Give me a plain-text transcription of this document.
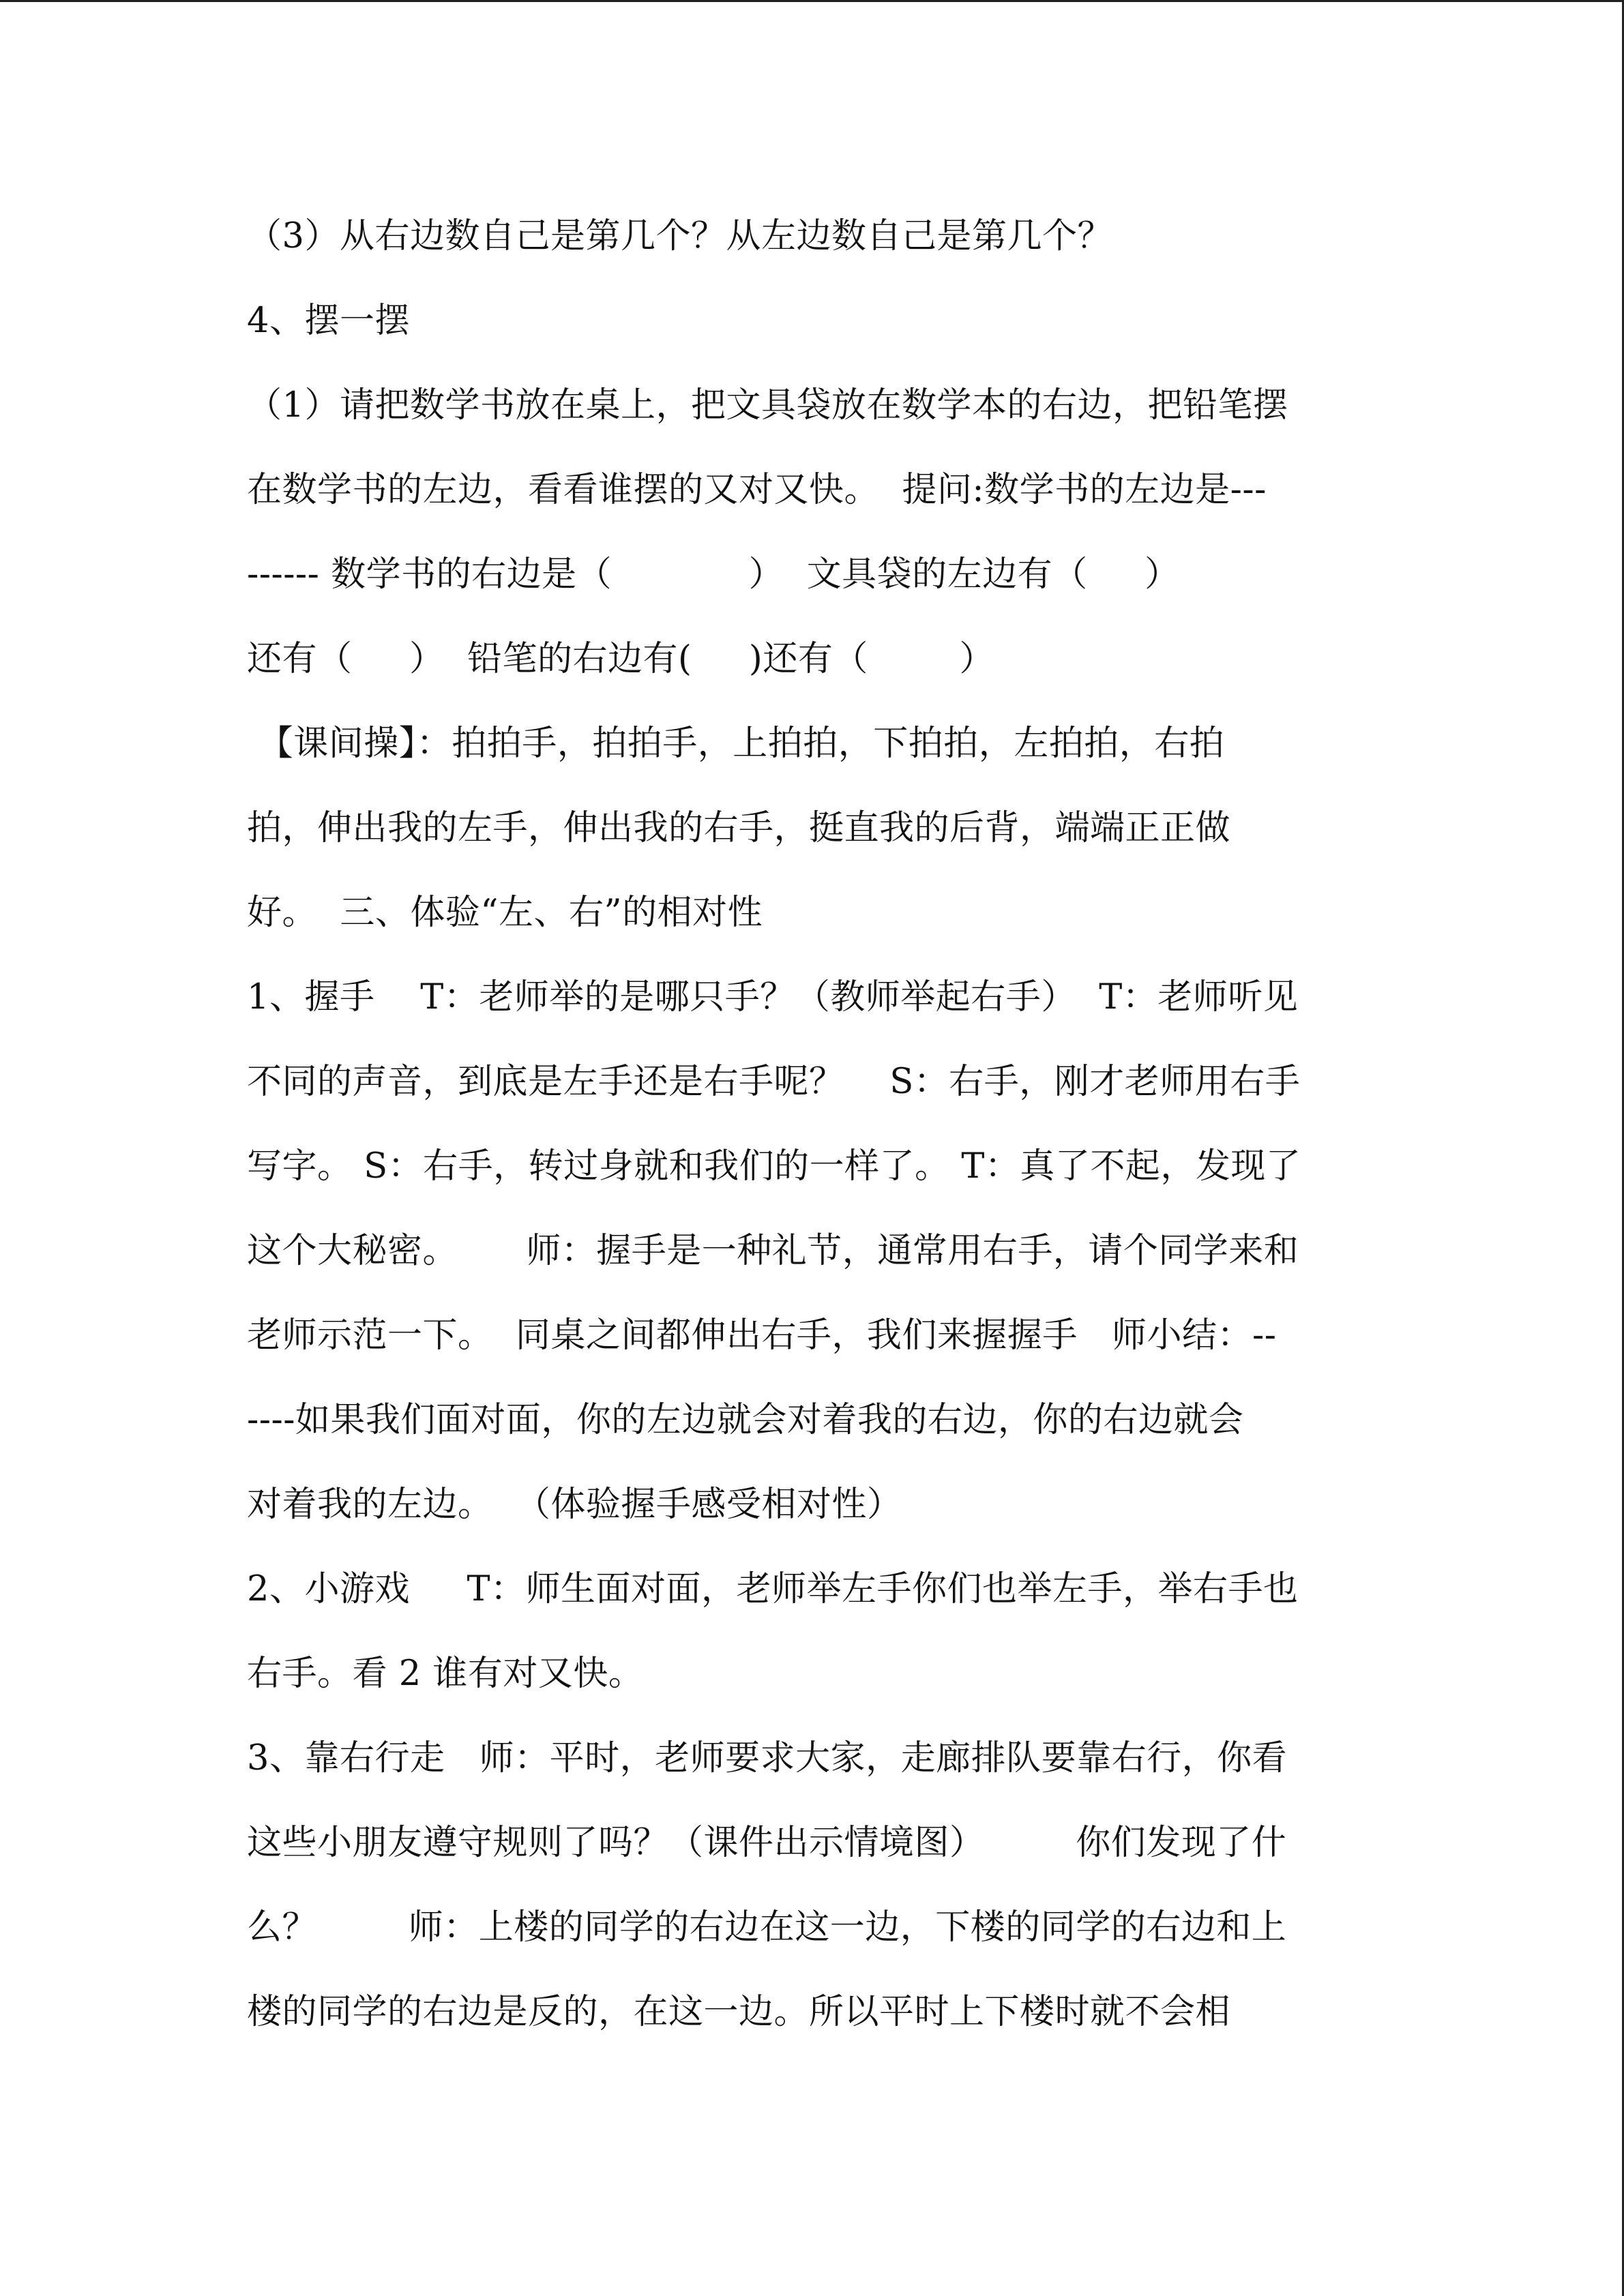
（3）从右边数自己是第几个？从左边数自己是第几个？
4、摆一摆
（1）请把数学书放在桌上，把文具袋放在数学本的右边，把铅笔摆
在数学书的左边，看看谁摆的又对又快。  提问:数学书的左边是---
------ 数学书的右边是（            ）  文具袋的左边有（     ）
还有（     ）  铅笔的右边有(     )还有（        ）
【课间操】：拍拍手，拍拍手，上拍拍，下拍拍，左拍拍，右拍
拍，伸出我的左手，伸出我的右手，挺直我的后背，端端正正做
好。  三、体验“左、右”的相对性
1、握手    T：老师举的是哪只手？（教师举起右手）  T：老师听见
不同的声音，到底是左手还是右手呢？    S：右手，刚才老师用右手
写字。 S：右手，转过身就和我们的一样了。 T：真了不起，发现了
这个大秘密。      师：握手是一种礼节，通常用右手，请个同学来和
老师示范一下。  同桌之间都伸出右手，我们来握握手   师小结：--
----如果我们面对面，你的左边就会对着我的右边，你的右边就会
对着我的左边。  （体验握手感受相对性）
2、小游戏     T：师生面对面，老师举左手你们也举左手，举右手也
右手。看 2 谁有对又快。
3、靠右行走   师：平时，老师要求大家，走廊排队要靠右行，你看
这些小朋友遵守规则了吗？（课件出示情境图）        你们发现了什
么？        师：上楼的同学的右边在这一边，下楼的同学的右边和上
楼的同学的右边是反的，在这一边。所以平时上下楼时就不会相
